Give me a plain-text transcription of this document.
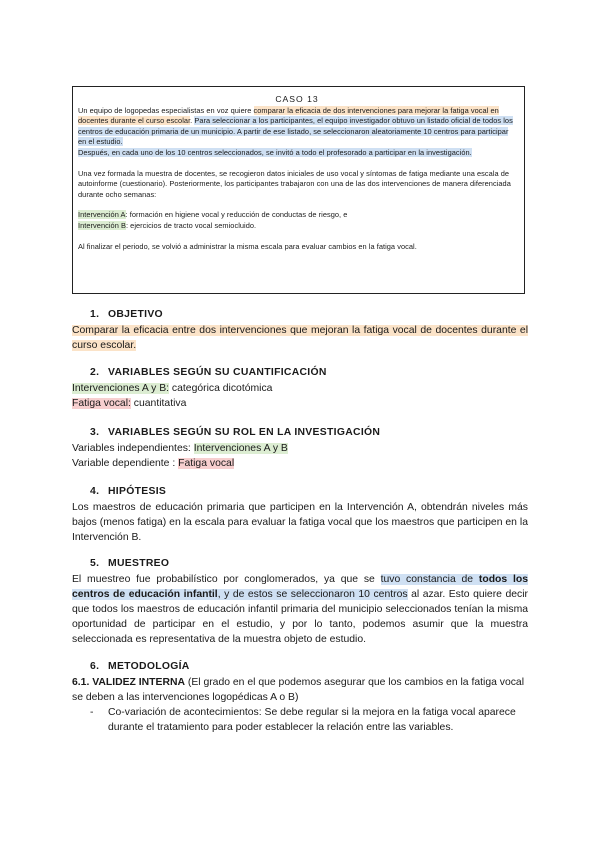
CASO 13

Un equipo de logopedas especialistas en voz quiere comparar la eficacia de dos intervenciones para mejorar la fatiga vocal en docentes durante el curso escolar. Para seleccionar a los participantes, el equipo investigador obtuvo un listado oficial de todos los centros de educación primaria de un municipio. A partir de ese listado, se seleccionaron aleatoriamente 10 centros para participar en el estudio.

Después, en cada uno de los 10 centros seleccionados, se invitó a todo el profesorado a participar en la investigación.

Una vez formada la muestra de docentes, se recogieron datos iniciales de uso vocal y síntomas de fatiga mediante una escala de autoinforme (cuestionario). Posteriormente, los participantes trabajaron con una de las dos intervenciones de manera diferenciada durante ocho semanas:

Intervención A: formación en higiene vocal y reducción de conductas de riesgo, e

Intervención B: ejercicios de tracto vocal semiocluido.

Al finalizar el periodo, se volvió a administrar la misma escala para evaluar cambios en la fatiga vocal.

1. OBJETIVO

Comparar la eficacia entre dos intervenciones que mejoran la fatiga vocal de docentes durante el curso escolar.

2. VARIABLES SEGÚN SU CUANTIFICACIÓN

Intervenciones A y B: categórica dicotómica

Fatiga vocal: cuantitativa

3. VARIABLES SEGÚN SU ROL EN LA INVESTIGACIÓN

Variables independientes: Intervenciones A y B

Variable dependiente : Fatiga vocal

4. HIPÓTESIS

Los maestros de educación primaria que participen en la Intervención A, obtendrán niveles más bajos (menos fatiga) en la escala para evaluar la fatiga vocal que los maestros que participen en la Intervención B.

5. MUESTREO

El muestreo fue probabilístico por conglomerados, ya que se tuvo constancia de todos los centros de educación infantil, y de estos se seleccionaron 10 centros al azar. Esto quiere decir que todos los maestros de educación infantil primaria del municipio seleccionados tenían la misma oportunidad de participar en el estudio, y por lo tanto, podemos asumir que la muestra seleccionada es representativa de la muestra objeto de estudio.

6. METODOLOGÍA

6.1. VALIDEZ INTERNA (El grado en el que podemos asegurar que los cambios en la fatiga vocal se deben a las intervenciones logopédicas A o B)

-	Co-variación de acontecimientos: Se debe regular si la mejora en la fatiga vocal aparece durante el tratamiento para poder establecer la relación entre las variables.
